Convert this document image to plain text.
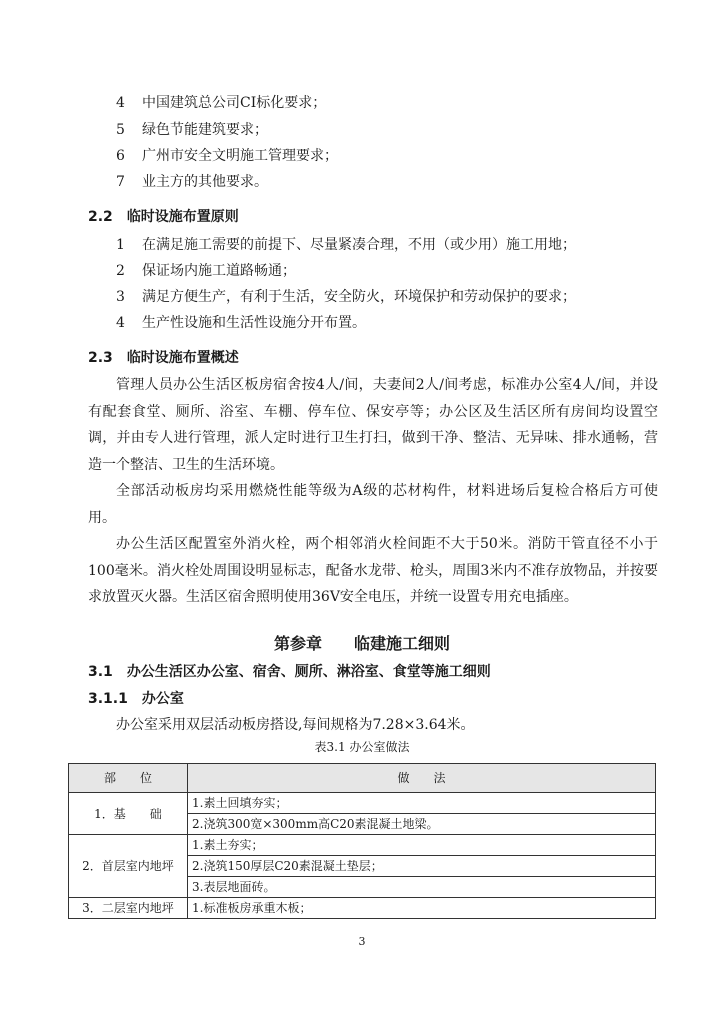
4 中国建筑总公司CI标化要求；
5 绿色节能建筑要求；
6 广州市安全文明施工管理要求；
7 业主方的其他要求。
2.2 临时设施布置原则
1 在满足施工需要的前提下、尽量紧凑合理，不用（或少用）施工用地；
2 保证场内施工道路畅通；
3 满足方便生产，有利于生活，安全防火，环境保护和劳动保护的要求；
4 生产性设施和生活性设施分开布置。
2.3 临时设施布置概述

管理人员办公生活区板房宿舍按4人/间，夫妻间2人/间考虑，标准办公室4人/间，并设有配套食堂、厕所、浴室、车棚、停车位、保安亭等；办公区及生活区所有房间均设置空调，并由专人进行管理，派人定时进行卫生打扫，做到干净、整洁、无异味、排水通畅，营造一个整洁、卫生的生活环境。

全部活动板房均采用燃烧性能等级为A级的芯材构件，材料进场后复检合格后方可使用。

办公生活区配置室外消火栓，两个相邻消火栓间距不大于50米。消防干管直径不小于100毫米。消火栓处周围设明显标志，配备水龙带、枪头，周围3米内不准存放物品，并按要求放置灭火器。生活区宿舍照明使用36V安全电压，并统一设置专用充电插座。

第参章 临建施工细则
3.1 办公生活区办公室、宿舍、厕所、淋浴室、食堂等施工细则
3.1.1 办公室
办公室采用双层活动板房搭设,每间规格为7.28×3.64米。
表3.1 办公室做法
部　　位	做　　法
1．基　　础	1.素土回填夯实；
	2.浇筑300宽×300mm高C20素混凝土地梁。
2．首层室内地坪	1.素土夯实；
	2.浇筑150厚层C20素混凝土垫层；
	3.表层地面砖。
3．二层室内地坪	1.标准板房承重木板；
3
